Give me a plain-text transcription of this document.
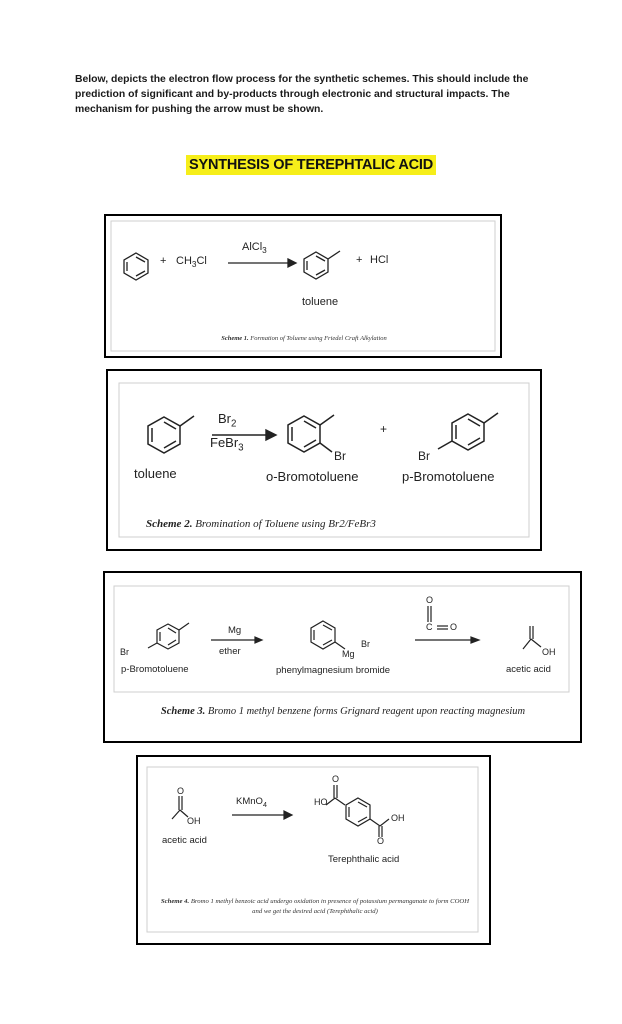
Below, depicts the electron flow process for the synthetic schemes. This should include the prediction of significant and by-products through electronic and structural impacts. The mechanism for pushing the arrow must be shown.
SYNTHESIS OF TEREPHTALIC ACID
+ $CH_3Cl$
AlCl$_3$
+ HCl
toluene
Scheme 1. Formation of Toluene using Friedel Craft Alkylation
$Br_2$
FeBr$_3$
Br
+
Br
toluene	o-Bromotoluene	p-Bromotoluene
Scheme 2. Bromination of Toluene using Br2/FeBr3
Br
Mg
ether
Br
Mg
O
C O
OH
p-Bromotoluene	phenylmagnesium bromide	acetic acid
Scheme 3. Bromo 1 methyl benzene forms Grignard reagent upon reacting magnesium
O
OH
acetic acid
KMnO$_4$	HO
O
OH
O
Terephthalic acid
Scheme 4. Bromo 1 methyl benzoic acid undergo oxidation in presence of potassium permanganate to form COOH and we get the desired acid (Terephthalic acid)
